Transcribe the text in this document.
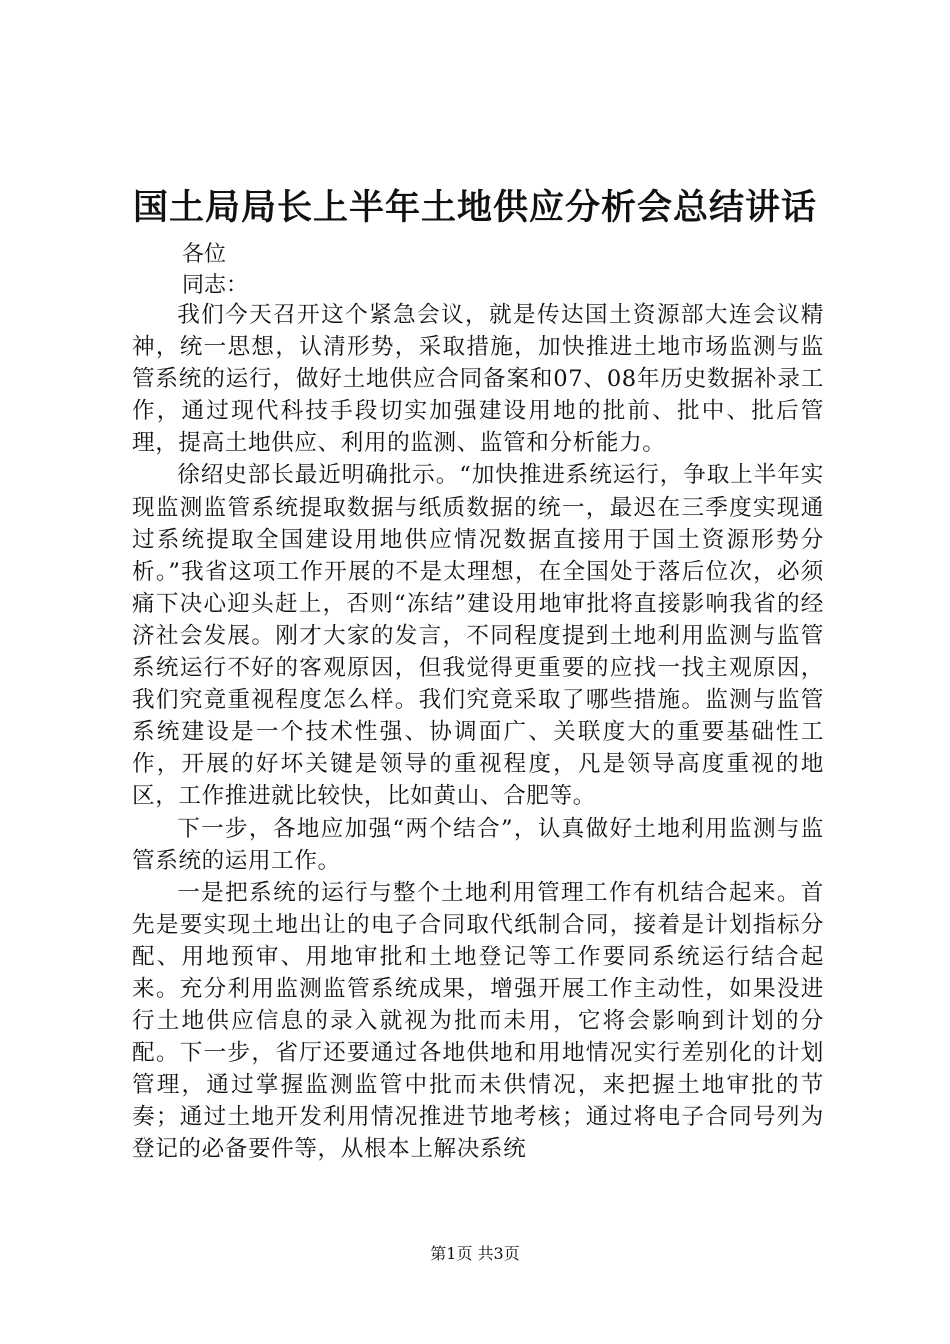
国土局局长上半年土地供应分析会总结讲话

各位

同志：

我们今天召开这个紧急会议，就是传达国土资源部大连会议精神，统一思想，认清形势，采取措施，加快推进土地市场监测与监管系统的运行，做好土地供应合同备案和07、08年历史数据补录工作，通过现代科技手段切实加强建设用地的批前、批中、批后管理，提高土地供应、利用的监测、监管和分析能力。

徐绍史部长最近明确批示。“加快推进系统运行，争取上半年实现监测监管系统提取数据与纸质数据的统一，最迟在三季度实现通过系统提取全国建设用地供应情况数据直接用于国土资源形势分析。”我省这项工作开展的不是太理想，在全国处于落后位次，必须痛下决心迎头赶上，否则“冻结”建设用地审批将直接影响我省的经济社会发展。刚才大家的发言，不同程度提到土地利用监测与监管系统运行不好的客观原因，但我觉得更重要的应找一找主观原因，我们究竟重视程度怎么样。我们究竟采取了哪些措施。监测与监管系统建设是一个技术性强、协调面广、关联度大的重要基础性工作，开展的好坏关键是领导的重视程度，凡是领导高度重视的地区，工作推进就比较快，比如黄山、合肥等。

下一步，各地应加强“两个结合”，认真做好土地利用监测与监管系统的运用工作。

一是把系统的运行与整个土地利用管理工作有机结合起来。首先是要实现土地出让的电子合同取代纸制合同，接着是计划指标分配、用地预审、用地审批和土地登记等工作要同系统运行结合起来。充分利用监测监管系统成果，增强开展工作主动性，如果没进行土地供应信息的录入就视为批而未用，它将会影响到计划的分配。下一步，省厅还要通过各地供地和用地情况实行差别化的计划管理，通过掌握监测监管中批而未供情况，来把握土地审批的节奏；通过土地开发利用情况推进节地考核；通过将电子合同号列为登记的必备要件等，从根本上解决系统

第1页 共3页
